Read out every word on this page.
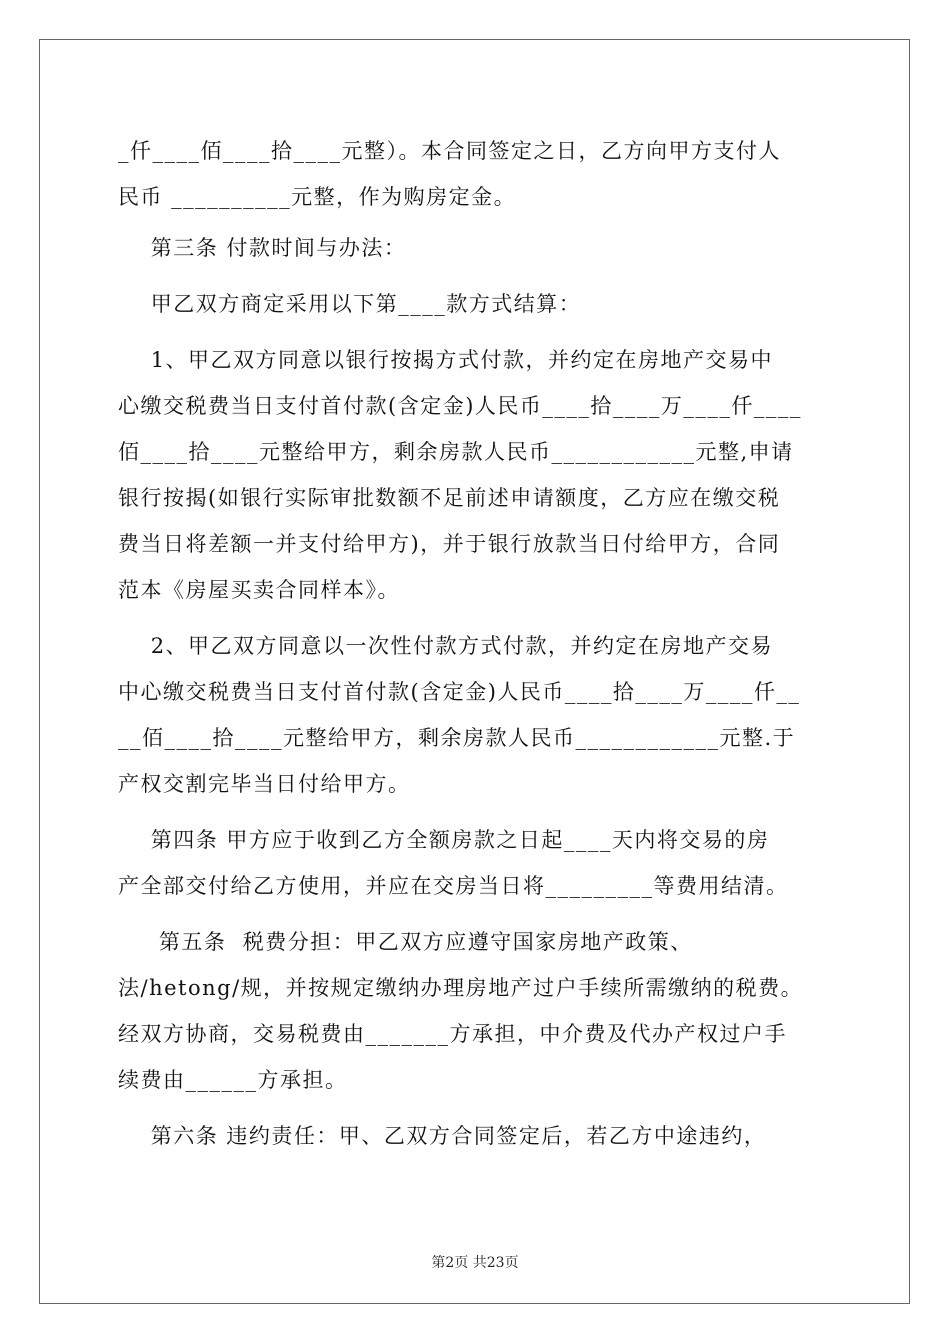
_仟____佰____拾____元整）。本合同签定之日，乙方向甲方支付人
民币 __________元整，作为购房定金。
第三条 付款时间与办法：
甲乙双方商定采用以下第____款方式结算：
1、甲乙双方同意以银行按揭方式付款，并约定在房地产交易中
心缴交税费当日支付首付款(含定金)人民币____拾____万____仟____
佰____拾____元整给甲方，剩余房款人民币____________元整,申请
银行按揭(如银行实际审批数额不足前述申请额度，乙方应在缴交税
费当日将差额一并支付给甲方)，并于银行放款当日付给甲方，合同
范本《房屋买卖合同样本》。
2、甲乙双方同意以一次性付款方式付款，并约定在房地产交易
中心缴交税费当日支付首付款(含定金)人民币____拾____万____仟__
__佰____拾____元整给甲方，剩余房款人民币____________元整.于
产权交割完毕当日付给甲方。
第四条 甲方应于收到乙方全额房款之日起____天内将交易的房
产全部交付给乙方使用，并应在交房当日将_________等费用结清。
第五条  税费分担：甲乙双方应遵守国家房地产政策、
法/hetong/规，并按规定缴纳办理房地产过户手续所需缴纳的税费。
经双方协商，交易税费由_______方承担，中介费及代办产权过户手
续费由______方承担。
第六条 违约责任：甲、乙双方合同签定后，若乙方中途违约，
第2页 共23页
